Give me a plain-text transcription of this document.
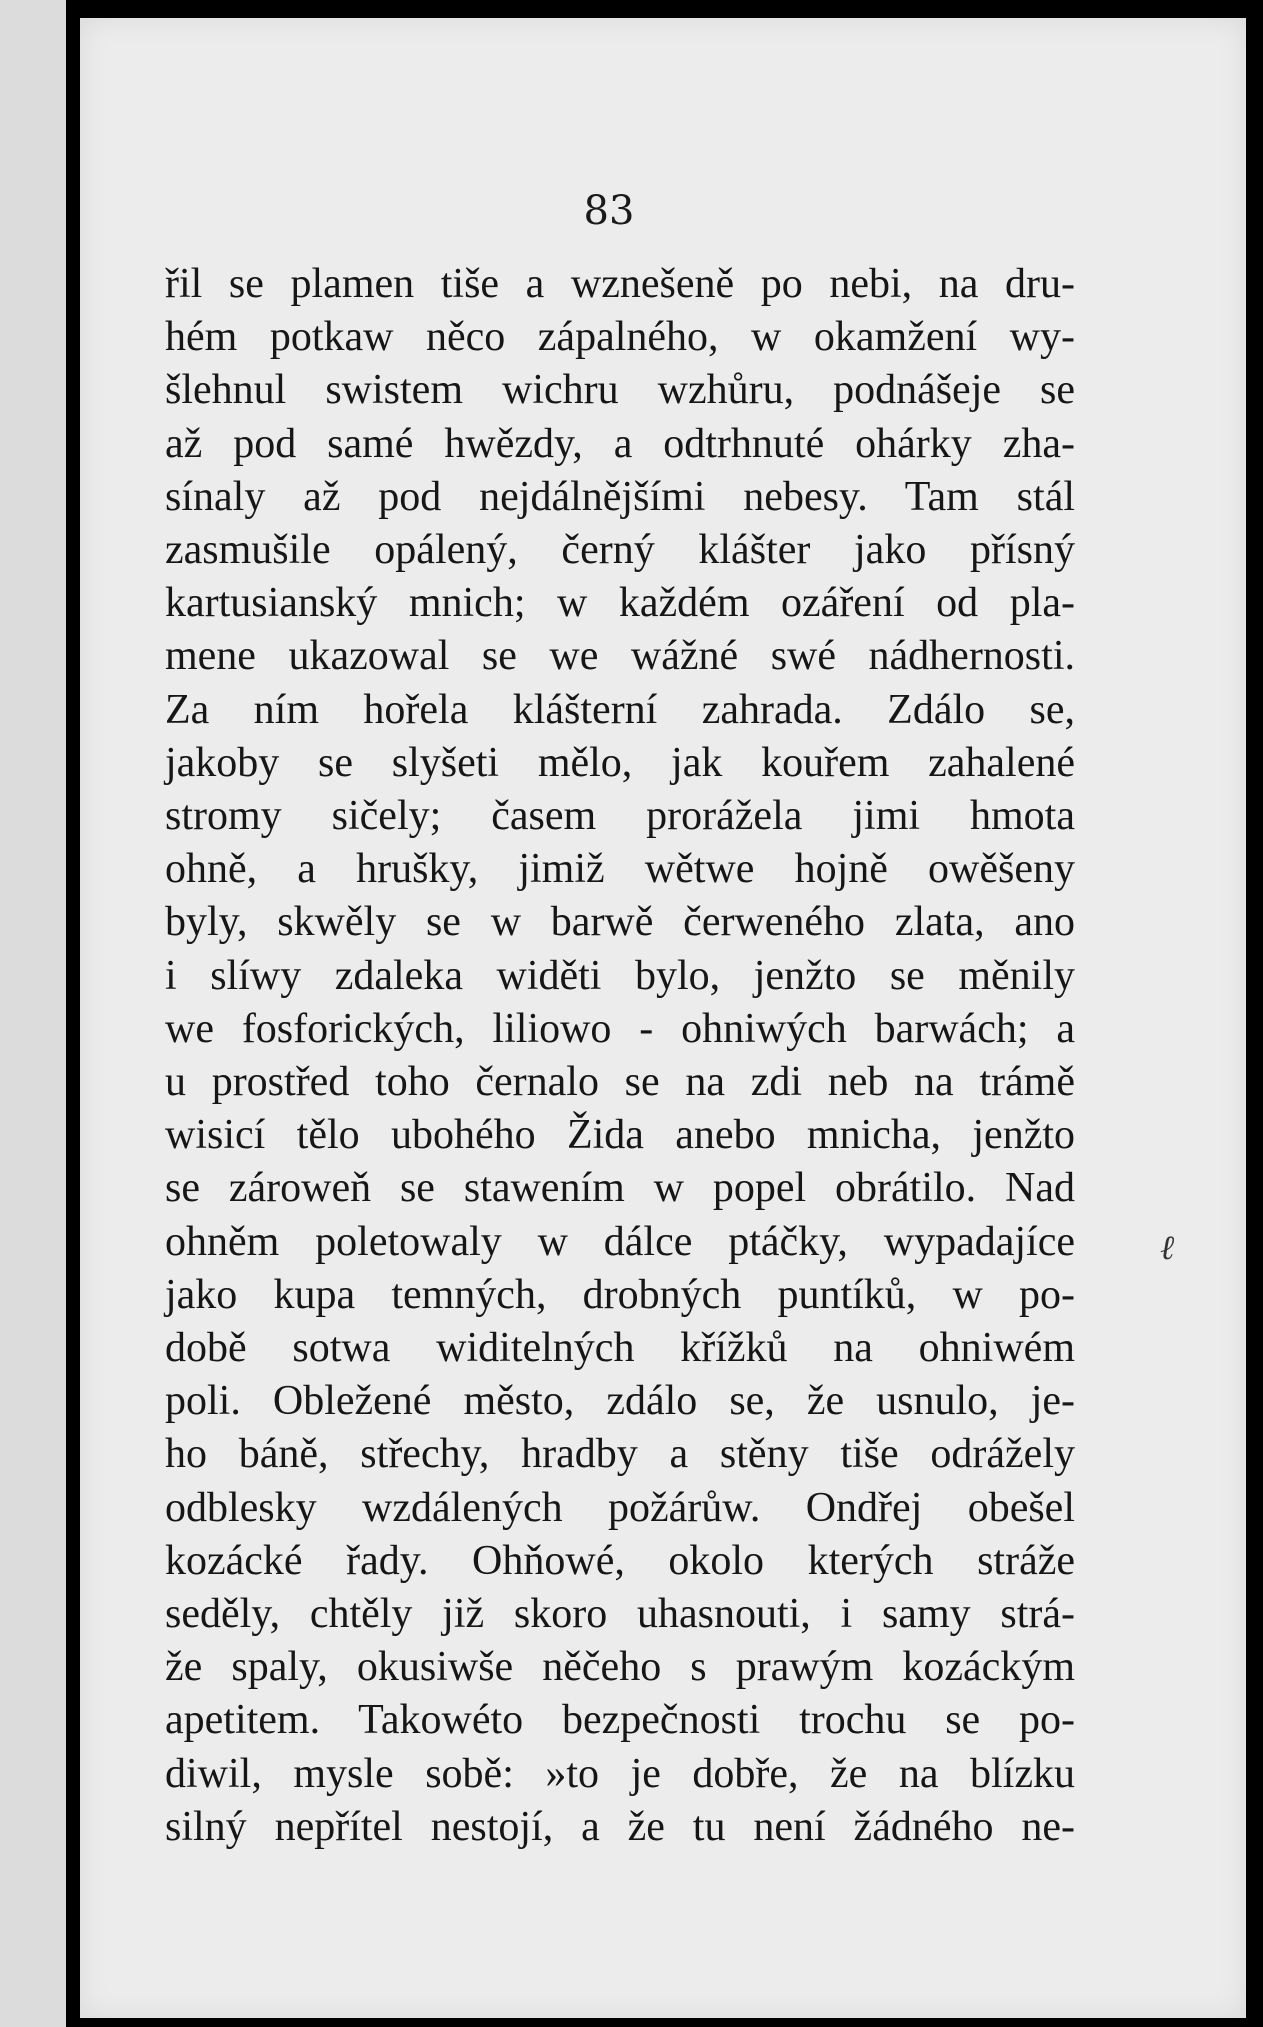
83
řil se plamen tiše a wznešeně po nebi, na dru-
hém potkaw něco zápalného, w okamžení wy-
šlehnul swistem wichru wzhůru, podnášeje se
až pod samé hwězdy, a odtrhnuté ohárky zha-
sínaly až pod nejdálnějšími nebesy. Tam stál
zasmušile opálený, černý klášter jako přísný
kartusianský mnich; w každém ozáření od pla-
mene ukazowal se we wážné swé nádhernosti.
Za ním hořela klášterní zahrada. Zdálo se,
jakoby se slyšeti mělo, jak kouřem zahalené
stromy sičely; časem prorážela jimi hmota
ohně, a hrušky, jimiž wětwe hojně owěšeny
byly, skwěly se w barwě čerweného zlata, ano
i slíwy zdaleka widěti bylo, jenžto se měnily
we fosforických, liliowo - ohniwých barwách; a
u prostřed toho černalo se na zdi neb na trámě
wisicí tělo ubohého Žida anebo mnicha, jenžto
se zároweň se stawením w popel obrátilo. Nad
ohněm poletowaly w dálce ptáčky, wypadajíce
jako kupa temných, drobných puntíků, w po-
době sotwa widitelných křížků na ohniwém
poli. Obležené město, zdálo se, že usnulo, je-
ho báně, střechy, hradby a stěny tiše odrážely
odblesky wzdálených požárůw. Ondřej obešel
kozácké řady. Ohňowé, okolo kterých stráže
seděly, chtěly již skoro uhasnouti, i samy strá-
že spaly, okusiwše něčeho s prawým kozáckým
apetitem. Takowéto bezpečnosti trochu se po-
diwil, mysle sobě: »to je dobře, že na blízku
silný nepřítel nestojí, a že tu není žádného ne-
ℓ
